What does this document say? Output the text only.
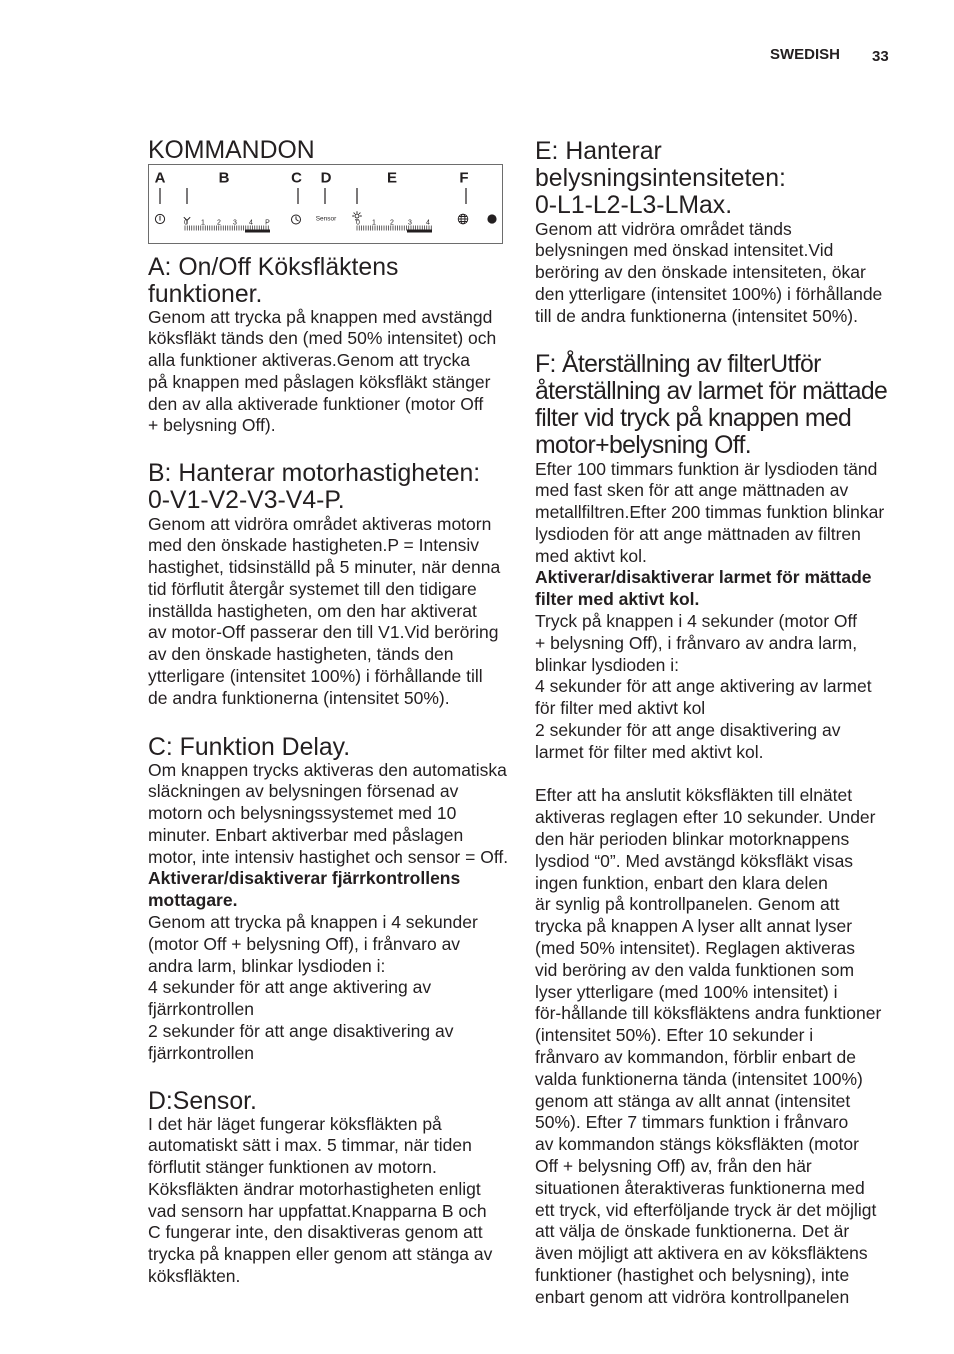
SWEDISH 33
KOMMANDON
A	B	C D	E	F
0 1 2 3 4 P
Sensor
0 1 2 3 4
A: On/Off Köksfläktens
funktioner.
Genom att trycka på knappen med avstängd
köksfläkt tänds den (med 50% intensitet) och
alla funktioner aktiveras.Genom att trycka
på knappen med påslagen köksfläkt stänger
den av alla aktiverade funktioner (motor Off
+ belysning Off).
B: Hanterar motorhastigheten:
0-V1-V2-V3-V4-P.
Genom att vidröra området aktiveras motorn
med den önskade hastigheten.P = Intensiv
hastighet, tidsinställd på 5 minuter, när denna
tid förflutit återgår systemet till den tidigare
inställda hastigheten, om den har aktiverat
av motor-Off passerar den till V1.Vid beröring
av den önskade hastigheten, tänds den
ytterligare (intensitet 100%) i förhållande till
de andra funktionerna (intensitet 50%).
C: Funktion Delay.
Om knappen trycks aktiveras den automatiska
släckningen av belysningen försenad av
motorn och belysningssystemet med 10
minuter. Enbart aktiverbar med påslagen
motor, inte intensiv hastighet och sensor = Off.
Aktiverar/disaktiverar fjärrkontrollens
mottagare.
Genom att trycka på knappen i 4 sekunder
(motor Off + belysning Off), i frånvaro av
andra larm, blinkar lysdioden i:
4 sekunder för att ange aktivering av
fjärrkontrollen
2 sekunder för att ange disaktivering av
fjärrkontrollen
D:Sensor.
I det här läget fungerar köksfläkten på
automatiskt sätt i max. 5 timmar, när tiden
förflutit stänger funktionen av motorn.
Köksfläkten ändrar motorhastigheten enligt
vad sensorn har uppfattat.Knapparna B och
C fungerar inte, den disaktiveras genom att
trycka på knappen eller genom att stänga av
köksfläkten.
E: Hanterar
belysningsintensiteten:
0-L1-L2-L3-LMax.
Genom att vidröra området tänds
belysningen med önskad intensitet.Vid
beröring av den önskade intensiteten, ökar
den ytterligare (intensitet 100%) i förhållande
till de andra funktionerna (intensitet 50%).
F: Återställning av filterUtför
återställning av larmet för mättade
filter vid tryck på knappen med
motor+belysning Off.
Efter 100 timmars funktion är lysdioden tänd
med fast sken för att ange mättnaden av
metallfiltren.Efter 200 timmas funktion blinkar
lysdioden för att ange mättnaden av filtren
med aktivt kol.
Aktiverar/disaktiverar larmet för mättade
filter med aktivt kol.
Tryck på knappen i 4 sekunder (motor Off
+ belysning Off), i frånvaro av andra larm,
blinkar lysdioden i:
4 sekunder för att ange aktivering av larmet
för filter med aktivt kol
2 sekunder för att ange disaktivering av
larmet för filter med aktivt kol.
Efter att ha anslutit köksfläkten till elnätet
aktiveras reglagen efter 10 sekunder. Under
den här perioden blinkar motorknappens
lysdiod “0”. Med avstängd köksfläkt visas
ingen funktion, enbart den klara delen
är synlig på kontrollpanelen. Genom att
trycka på knappen A lyser allt annat lyser
(med 50% intensitet). Reglagen aktiveras
vid beröring av den valda funktionen som
lyser ytterligare (med 100% intensitet) i
för-hållande till köksfläktens andra funktioner
(intensitet 50%). Efter 10 sekunder i
frånvaro av kommandon, förblir enbart de
valda funktionerna tända (intensitet 100%)
genom att stänga av allt annat (intensitet
50%). Efter 7 timmars funktion i frånvaro
av kommandon stängs köksfläkten (motor
Off + belysning Off) av, från den här
situationen återaktiveras funktionerna med
ett tryck, vid efterföljande tryck är det möjligt
att välja de önskade funktionerna. Det är
även möjligt att aktivera en av köksfläktens
funktioner (hastighet och belysning), inte
enbart genom att vidröra kontrollpanelen
